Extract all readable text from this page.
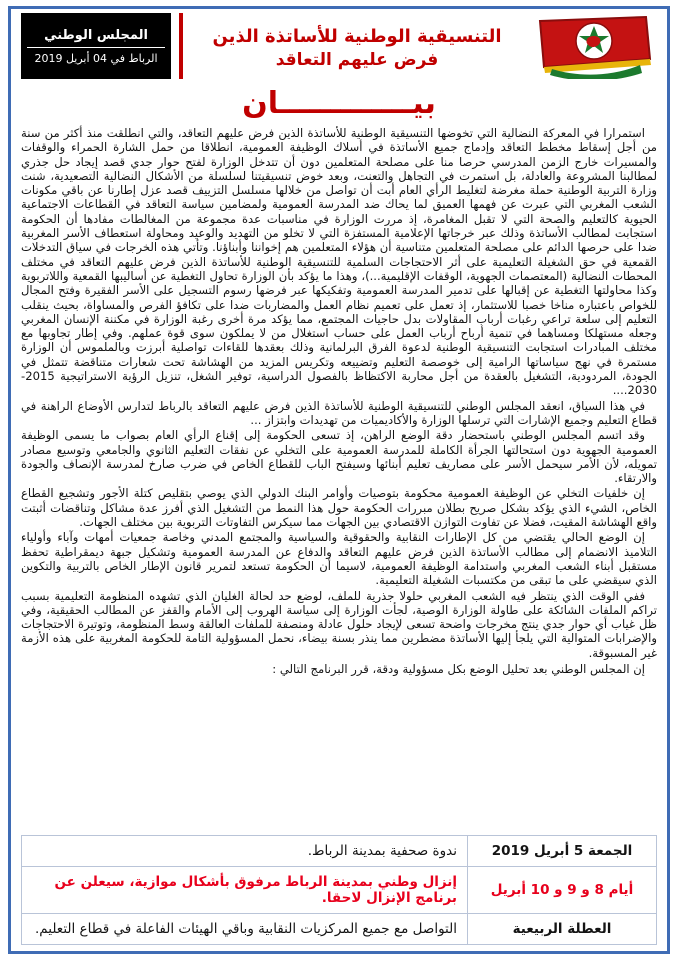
التنسيقية الوطنية للأساتذة الذين
فرض عليهم التعاقد
المجلس الوطني
الرباط في 04 أبريل 2019
بيـــــــــــــان

استمرارا في المعركة النضالية التي تخوضها التنسيقية الوطنية للأساتذة الذين فرض عليهم التعاقد، والتي انطلقت منذ أكثر من سنة من أجل إسقاط مخطط التعاقد وإدماج جميع الأساتذة في أسلاك الوظيفة العمومية، انطلاقا من حمل الشارة الحمراء والوقفات والمسيرات خارج الزمن المدرسي حرصا منا على مصلحة المتعلمين دون أن تتدخل الوزارة لفتح حوار جدي قصد إيجاد حل جذري لمطالبنا المشروعة والعادلة، بل استمرت في التجاهل والتعنت، وبعد خوض تنسيقيتنا لسلسلة من الأشكال النضالية التصعيدية، شنت وزارة التربية الوطنية حملة مغرضة لتغليط الرأي العام أبت أن تواصل من خلالها مسلسل التزييف قصد عزل إطارنا عن باقي مكونات الشعب المغربي التي عبرت عن فهمها العميق لما يحاك ضد المدرسة العمومية ولمضامين سياسة التعاقد في القطاعات الاجتماعية الحيوية كالتعليم والصحة التي لا تقبل المغامرة، إذ مررت الوزارة في مناسبات عدة مجموعة من المغالطات مفادها أن الحكومة استجابت لمطالب الأساتذة وذلك عبر خرجاتها الإعلامية المستفزة التي لا تخلو من التهديد والوعيد ومحاولة استعطاف الأسر المغربية ضدا على حرصها الدائم على مصلحة المتعلمين متناسية أن هؤلاء المتعلمين هم إخواننا وأبناؤنا. وتأتي هذه الخرجات في سياق التدخلات القمعية في حق الشغيلة التعليمية على أثر الاحتجاجات السلمية للتنسيقية الوطنية للأساتذة الذين فرض عليهم التعاقد في مختلف المحطات النضالية (المعتصمات الجهوية، الوقفات الإقليمية...)، وهذا ما يؤكد بأن الوزارة تحاول التغطية عن أساليبها القمعية واللاتربوية وكذا محاولتها التغطية عن إقبالها على تدمير المدرسة العمومية وتفكيكها عبر فرضها رسوم التسجيل على الأسر الفقيرة وفتح المجال للخواص باعتباره مناخا خصبا للاستثمار، إذ تعمل على تعميم نظام العمل والمضاربات ضدا على تكافؤ الفرص والمساواة، بحيث ينقلب التعليم إلى سلعة تراعي رغبات أرباب المقاولات بدل حاجيات المجتمع، مما يؤكد مرة أخرى رغبة الوزارة في مكننة الإنسان المغربي وجعله مستهلكا ومساهما في تنمية أرباح أرباب العمل على حساب استغلال من لا يملكون سوى قوة عملهم. وفي إطار تجاوبها مع مختلف المبادرات استجابت التنسيقية الوطنية لدعوة الفرق البرلمانية وذلك بعقدها للقاءات تواصلية أبرزت وبالملموس أن الوزارة مستمرة في نهج سياساتها الرامية إلى خوصصة التعليم وتضييعه وتكريس المزيد من الهشاشة تحت شعارات متناقضة تتمثل في الجودة، المردودية، التشغيل بالعقدة من أجل محاربة الاكتظاظ بالفصول الدراسية، توفير الشغل، تنزيل الرؤية الاستراتيجية 2015-2030....

في هذا السياق، انعقد المجلس الوطني للتنسيقية الوطنية للأساتذة الذين فرض عليهم التعاقد بالرباط لتدارس الأوضاع الراهنة في قطاع التعليم وجميع الإشارات التي ترسلها الوزارة والأكاديميات من تهديدات وابتزاز ...

وقد اتسم المجلس الوطني باستحضار دقة الوضع الراهن، إذ تسعى الحكومة إلى إقناع الرأي العام بصواب ما يسمى الوظيفة العمومية الجهوية دون استحالتها الجرأة الكاملة للمدرسة العمومية على التخلي عن نفقات التعليم الثانوي والجامعي وتوسيع مصادر تمويله، لأن الأمر سيحمل الأسر على مصاريف تعليم أبنائها وسيفتح الباب للقطاع الخاص في ضرب صارخ لمدرسة الإنصاف والجودة والارتقاء.

إن خلفيات التخلي عن الوظيفة العمومية محكومة بتوصيات وأوامر البنك الدولي الذي يوصي بتقليص كتلة الأجور وتشجيع القطاع الخاص، الشيء الذي يؤكد بشكل صريح بطلان مبررات الحكومة حول هذا النمط من التشغيل الذي أفرز عدة مشاكل وتناقضات أثبتت واقع الهشاشة المقيت، فضلا عن تفاوت التوازن الاقتصادي بين الجهات مما سيكرس التفاوتات التربوية بين مختلف الجهات.

إن الوضع الحالي يقتضي من كل الإطارات النقابية والحقوقية والسياسية والمجتمع المدني وخاصة جمعيات أمهات وآباء وأولياء التلاميذ الانضمام إلى مطالب الأساتذة الذين فرض عليهم التعاقد والدفاع عن المدرسة العمومية وتشكيل جبهة ديمقراطية تحفظ مستقبل أبناء الشعب المغربي واستدامة الوظيفة العمومية، لاسيما أن الحكومة تستعد لتمرير قانون الإطار الخاص بالتربية والتكوين الذي سيقضي على ما تبقى من مكتسبات الشغيلة التعليمية.

ففي الوقت الذي ينتظر فيه الشعب المغربي حلولا جذرية للملف، لوضع حد لحالة الغليان الذي تشهده المنظومة التعليمية بسبب تراكم الملفات الشائكة على طاولة الوزارة الوصية، لجأت الوزارة إلى سياسة الهروب إلى الأمام والقفز عن المطالب الحقيقية، وفي ظل غياب أي حوار جدي ينتج مخرجات واضحة تسعى لإيجاد حلول عادلة ومنصفة للملفات العالقة وسط المنظومة، وتوتيرة الاحتجاجات والإضرابات المتوالية التي يلجأ إليها الأساتذة مضطرين مما ينذر بسنة بيضاء، نحمل المسؤولية التامة للحكومة المغربية على هذه الأزمة غير المسبوقة.

إن المجلس الوطني بعد تحليل الوضع بكل مسؤولية ودقة، قرر البرنامج التالي :

الجمعة 5 أبريل 2019	ندوة صحفية بمدينة الرباط.
أيام 8 و 9 و 10 أبريل	إنزال وطني بمدينة الرباط مرفوق بأشكال موازية، سيعلن عن برنامج الإنزال لاحقا.
العطلة الربيعية	التواصل مع جميع المركزيات النقابية وباقي الهيئات الفاعلة في قطاع التعليم.
